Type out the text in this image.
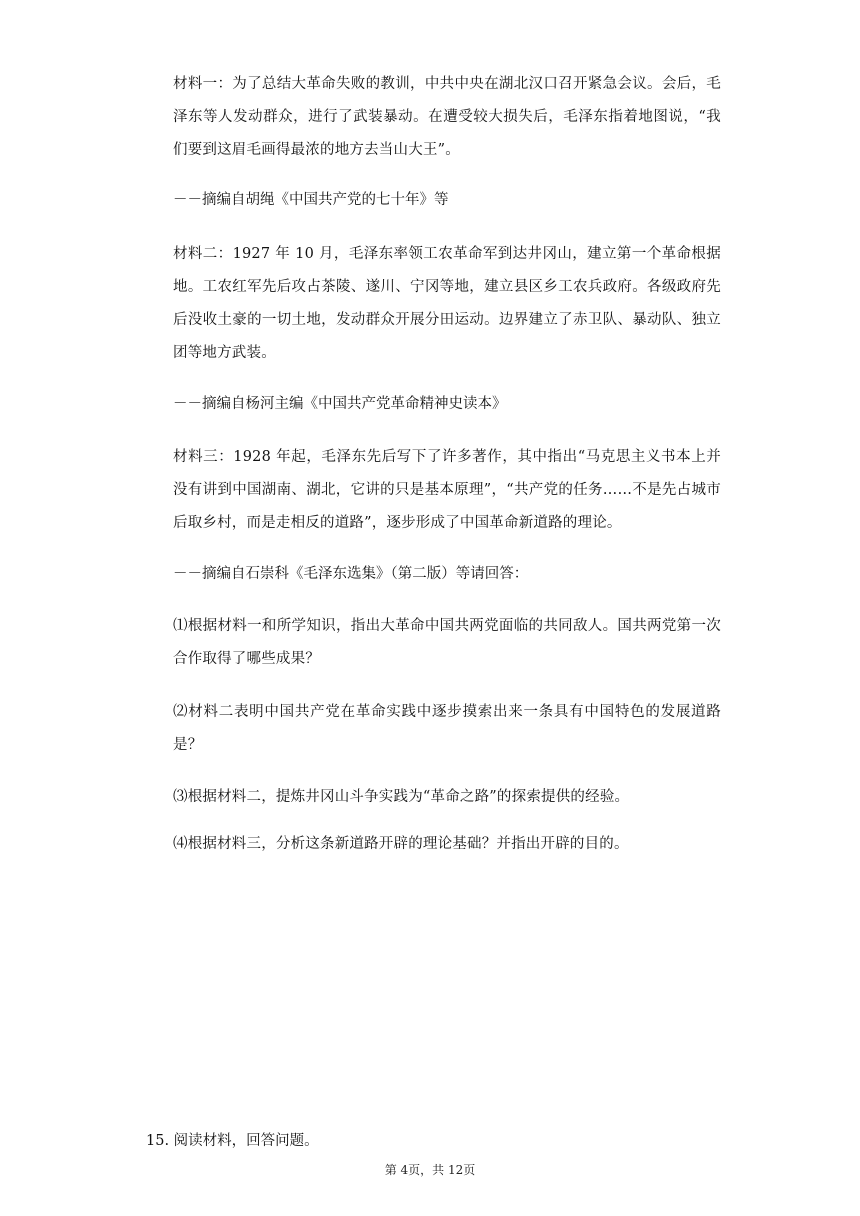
材料一：为了总结大革命失败的教训，中共中央在湖北汉口召开紧急会议。会后，毛泽东等人发动群众，进行了武装暴动。在遭受较大损失后，毛泽东指着地图说，“我们要到这眉毛画得最浓的地方去当山大王”。
－－摘编自胡绳《中国共产党的七十年》等
材料二：1927 年 10 月，毛泽东率领工农革命军到达井冈山，建立第一个革命根据地。工农红军先后攻占茶陵、遂川、宁冈等地，建立县区乡工农兵政府。各级政府先后没收土豪的一切土地，发动群众开展分田运动。边界建立了赤卫队、暴动队、独立团等地方武装。
－－摘编自杨河主编《中国共产党革命精神史读本》
材料三：1928 年起，毛泽东先后写下了许多著作，其中指出“马克思主义书本上并没有讲到中国湖南、湖北，它讲的只是基本原理”，“共产党的任务……不是先占城市后取乡村，而是走相反的道路”，逐步形成了中国革命新道路的理论。
－－摘编自石崇科《毛泽东选集》（第二版）等请回答：
⑴根据材料一和所学知识，指出大革命中国共两党面临的共同敌人。国共两党第一次合作取得了哪些成果？
⑵材料二表明中国共产党在革命实践中逐步摸索出来一条具有中国特色的发展道路是？
⑶根据材料二，提炼井冈山斗争实践为“革命之路”的探索提供的经验。
⑷根据材料三，分析这条新道路开辟的理论基础？并指出开辟的目的。
15. 阅读材料，回答问题。
第 4页，共 12页
